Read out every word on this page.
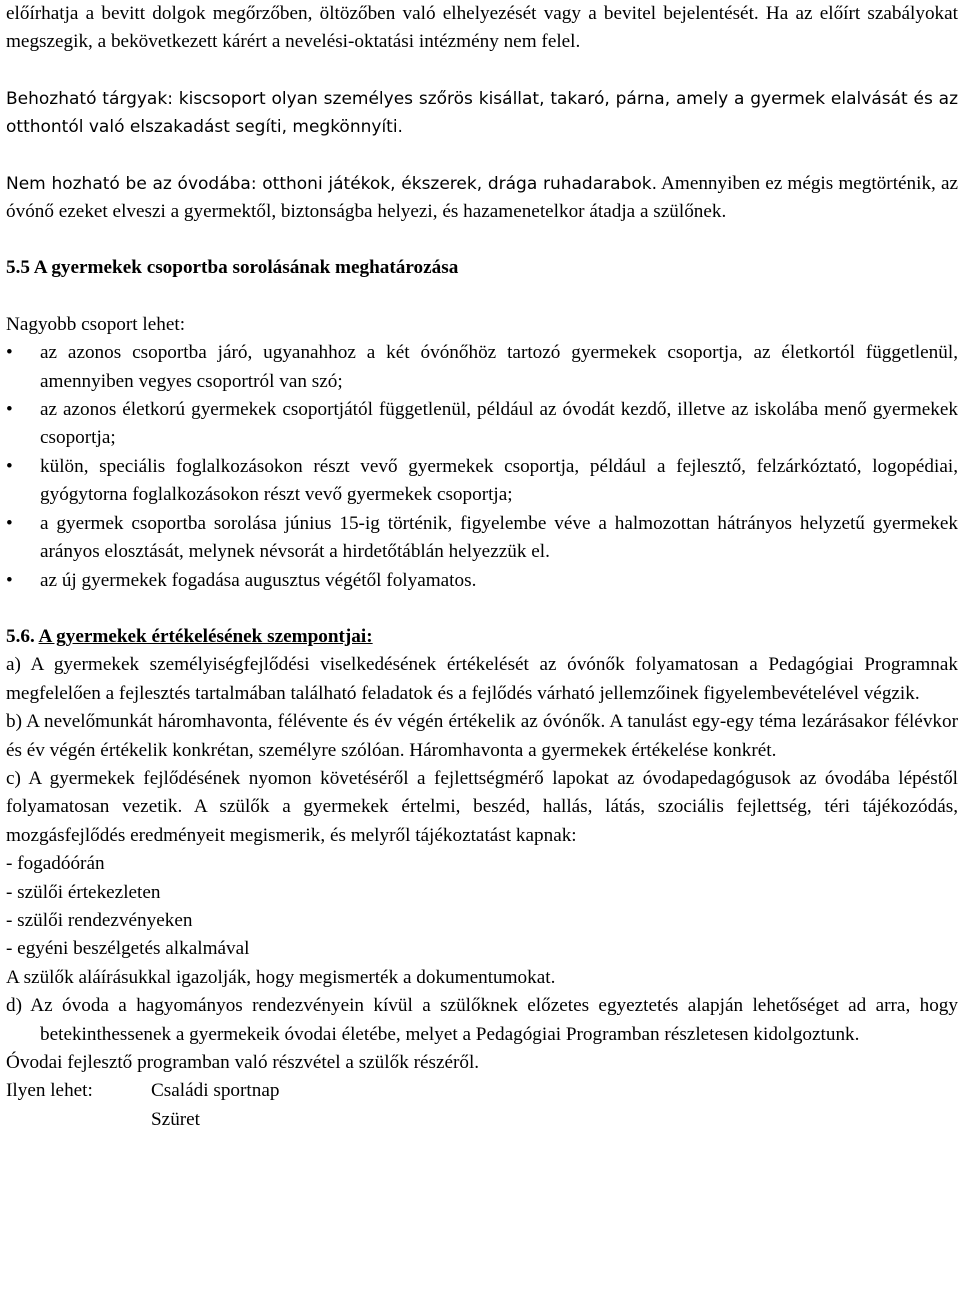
előírhatja a bevitt dolgok megőrzőben, öltözőben való elhelyezését vagy a bevitel bejelentését. Ha az előírt szabályokat megszegik, a bekövetkezett kárért a nevelési-oktatási intézmény nem felel.

Behozható tárgyak: kiscsoport olyan személyes szőrös kisállat, takaró, párna, amely a gyermek elalvását és az otthontól való elszakadást segíti, megkönnyíti.

Nem hozható be az óvodába: otthoni játékok, ékszerek, drága ruhadarabok. Amennyiben ez mégis megtörténik, az óvónő ezeket elveszi a gyermektől, biztonságba helyezi, és hazamenetelkor átadja a szülőnek.

5.5 A gyermekek csoportba sorolásának meghatározása

Nagyobb csoport lehet:

•	az azonos csoportba járó, ugyanahhoz a két óvónőhöz tartozó gyermekek csoportja, az életkortól függetlenül, amennyiben vegyes csoportról van szó;
•	az azonos életkorú gyermekek csoportjától függetlenül, például az óvodát kezdő, illetve az iskolába menő gyermekek csoportja;
•	külön, speciális foglalkozásokon részt vevő gyermekek csoportja, például a fejlesztő, felzárkóztató, logopédiai, gyógytorna foglalkozásokon részt vevő gyermekek csoportja;
•	a gyermek csoportba sorolása június 15-ig történik, figyelembe véve a halmozottan hátrányos helyzetű gyermekek arányos elosztását, melynek névsorát a hirdetőtáblán helyezzük el.
•	az új gyermekek fogadása augusztus végétől folyamatos.
5.6. A gyermekek értékelésének szempontjai:

a) A gyermekek személyiségfejlődési viselkedésének értékelését az óvónők folyamatosan a Pedagógiai Programnak megfelelően a fejlesztés tartalmában található feladatok és a fejlődés várható jellemzőinek figyelembevételével végzik.

b) A nevelőmunkát háromhavonta, félévente és év végén értékelik az óvónők. A tanulást egy-egy téma lezárásakor félévkor és év végén értékelik konkrétan, személyre szólóan. Háromhavonta a gyermekek értékelése konkrét.

c) A gyermekek fejlődésének nyomon követéséről a fejlettségmérő lapokat az óvodapedagógusok az óvodába lépéstől folyamatosan vezetik. A szülők a gyermekek értelmi, beszéd, hallás, látás, szociális fejlettség, téri tájékozódás, mozgásfejlődés eredményeit megismerik, és melyről tájékoztatást kapnak:

- fogadóórán

- szülői értekezleten

- szülői rendezvényeken

- egyéni beszélgetés alkalmával

A szülők aláírásukkal igazolják, hogy megismerték a dokumentumokat.

d) Az óvoda a hagyományos rendezvényein kívül a szülőknek előzetes egyeztetés alapján lehetőséget ad arra, hogy betekinthessenek a gyermekeik óvodai életébe, melyet a Pedagógiai Programban részletesen kidolgoztunk.

Óvodai fejlesztő programban való részvétel a szülők részéről.

Ilyen lehet:	Családi sportnap
Szüret
